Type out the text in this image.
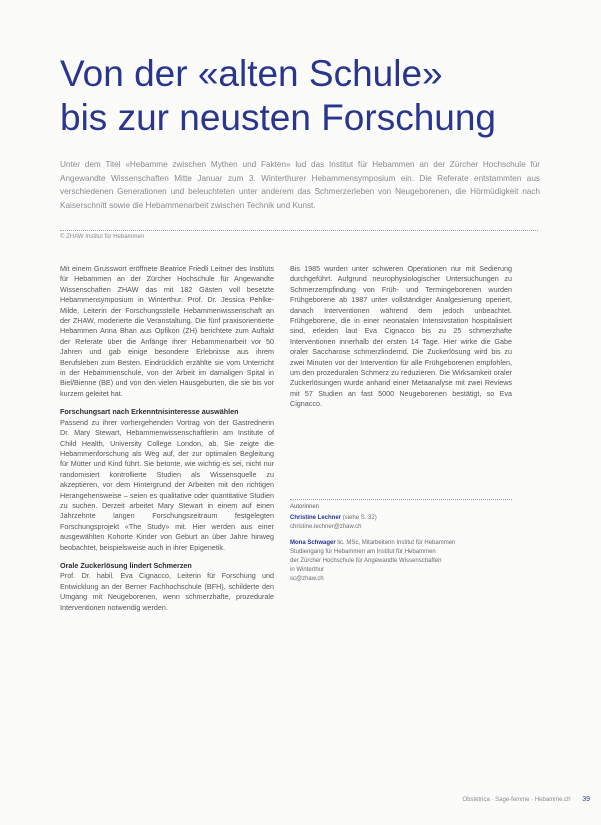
Von der «alten Schule»
bis zur neusten Forschung

Unter dem Titel «Hebamme zwischen Mythen und Fakten» lud das Institut für Hebammen an der Zürcher Hochschule für Angewandte Wissenschaften Mitte Januar zum 3. Winterthurer Hebammensymposium ein. Die Referate entstammten aus verschiedenen Generationen und beleuchteten unter anderem das Schmerzerleben von Neugeborenen, die Hörmüdigkeit nach Kaiserschnitt sowie die Hebammenarbeit zwischen Technik und Kunst.

© ZHAW Institut für Hebammen

Mit einem Grusswort eröffnete Beatrice Friedli Leitner des Instituts für Hebammen an der Zürcher Hochschule für Angewandte Wissenschaften ZHAW das mit 182 Gästen voll besetzte Hebammensymposium in Winterthur. Prof. Dr. Jessica Pehlke-Milde, Leiterin der Forschungsstelle Hebammenwissenschaft an der ZHAW, moderierte die Veranstaltung. Die fünf praxisorientierte Hebammen Anna Bhan aus Opfikon (ZH) berichtete zum Auftakt der Referate über die Anfänge ihrer Hebammenarbeit vor 50 Jahren und gab einige besondere Erlebnisse aus ihrem Berufsleben zum Besten. Eindrücklich erzählte sie vom Unterricht in der Hebammenschule, von der Arbeit im damaligen Spital in Biel/Bienne (BE) und von den vielen Hausgeburten, die sie bis vor kurzem geleitet hat.

Forschungsart nach Erkenntnisinteresse auswählen

Passend zu ihrer vorhergehenden Vortrag von der Gastrednerin Dr. Mary Stewart, Hebammenwissenschaftlerin am Institute of Child Health, University College London, ab. Sie zeigte die Hebammenforschung als Weg auf, der zur optimalen Begleitung für Mütter und Kind führt. Sie betonte, wie wichtig es sei, nicht nur randomisiert kontrollierte Studien als Wissensquelle zu akzeptieren, vor dem Hintergrund der Arbeiten mit den richtigen Herangehensweise – seien es qualitative oder quantitative Studien zu suchen. Derzeit arbeitet Mary Stewart in einem auf einen Jahrzehnte langen Forschungszeitraum festgelegten Forschungsprojekt «The Study» mit. Hier werden aus einer ausgewählten Kohorte Kinder von Geburt an über Jahre hinweg beobachtet, beispielsweise auch in ihrer Epigenetik.

Orale Zuckerlösung lindert Schmerzen

Prof. Dr. habil. Eva Cignacco, Leiterin für Forschung und Entwicklung an der Berner Fachhochschule (BFH), schilderte den Umgang mit Neugeborenen, wenn schmerzhafte, prozedurale Interventionen notwendig werden.

Bis 1985 wurden unter schweren Operationen nur mit Sedierung durchgeführt. Aufgrund neurophysiologischer Untersuchungen zu Schmerzempfindung von Früh- und Termingeborenen wurden Frühgeborene ab 1987 unter vollständiger Analgesierung operiert, danach Interventionen während dem jedoch unbeachtet. Frühgeborene, die in einer neonatalen Intensivstation hospitalisiert sind, erleiden laut Eva Cignacco bis zu 25 schmerzhafte Interventionen innerhalb der ersten 14 Tage. Hier wirke die Gabe oraler Saccharose schmerzlindernd. Die Zuckerlösung wird bis zu zwei Minuten vor der Intervention für alle Frühgeborenen empfohlen, um den prozeduralen Schmerz zu reduzieren. Die Wirksamkeit oraler Zuckerlösungen wurde anhand einer Metaanalyse mit zwei Reviews mit 57 Studien an fast 5000 Neugeborenen bestätigt, so Eva Cignacco.

Autorinnen
Christine Lechner (siehe S. 32)
christine.lechner@zhaw.ch
Mona Schwager lic. MSc, Mitarbeiterin Institut für Hebammen
Studiengang für Hebammen am Institut für Hebammen
der Zürcher Hochschule für Angewandte Wissenschaften
in Winterthur
sc@zhaw.ch
Obstetrica · Sage-femme · Hebamme.ch 39
